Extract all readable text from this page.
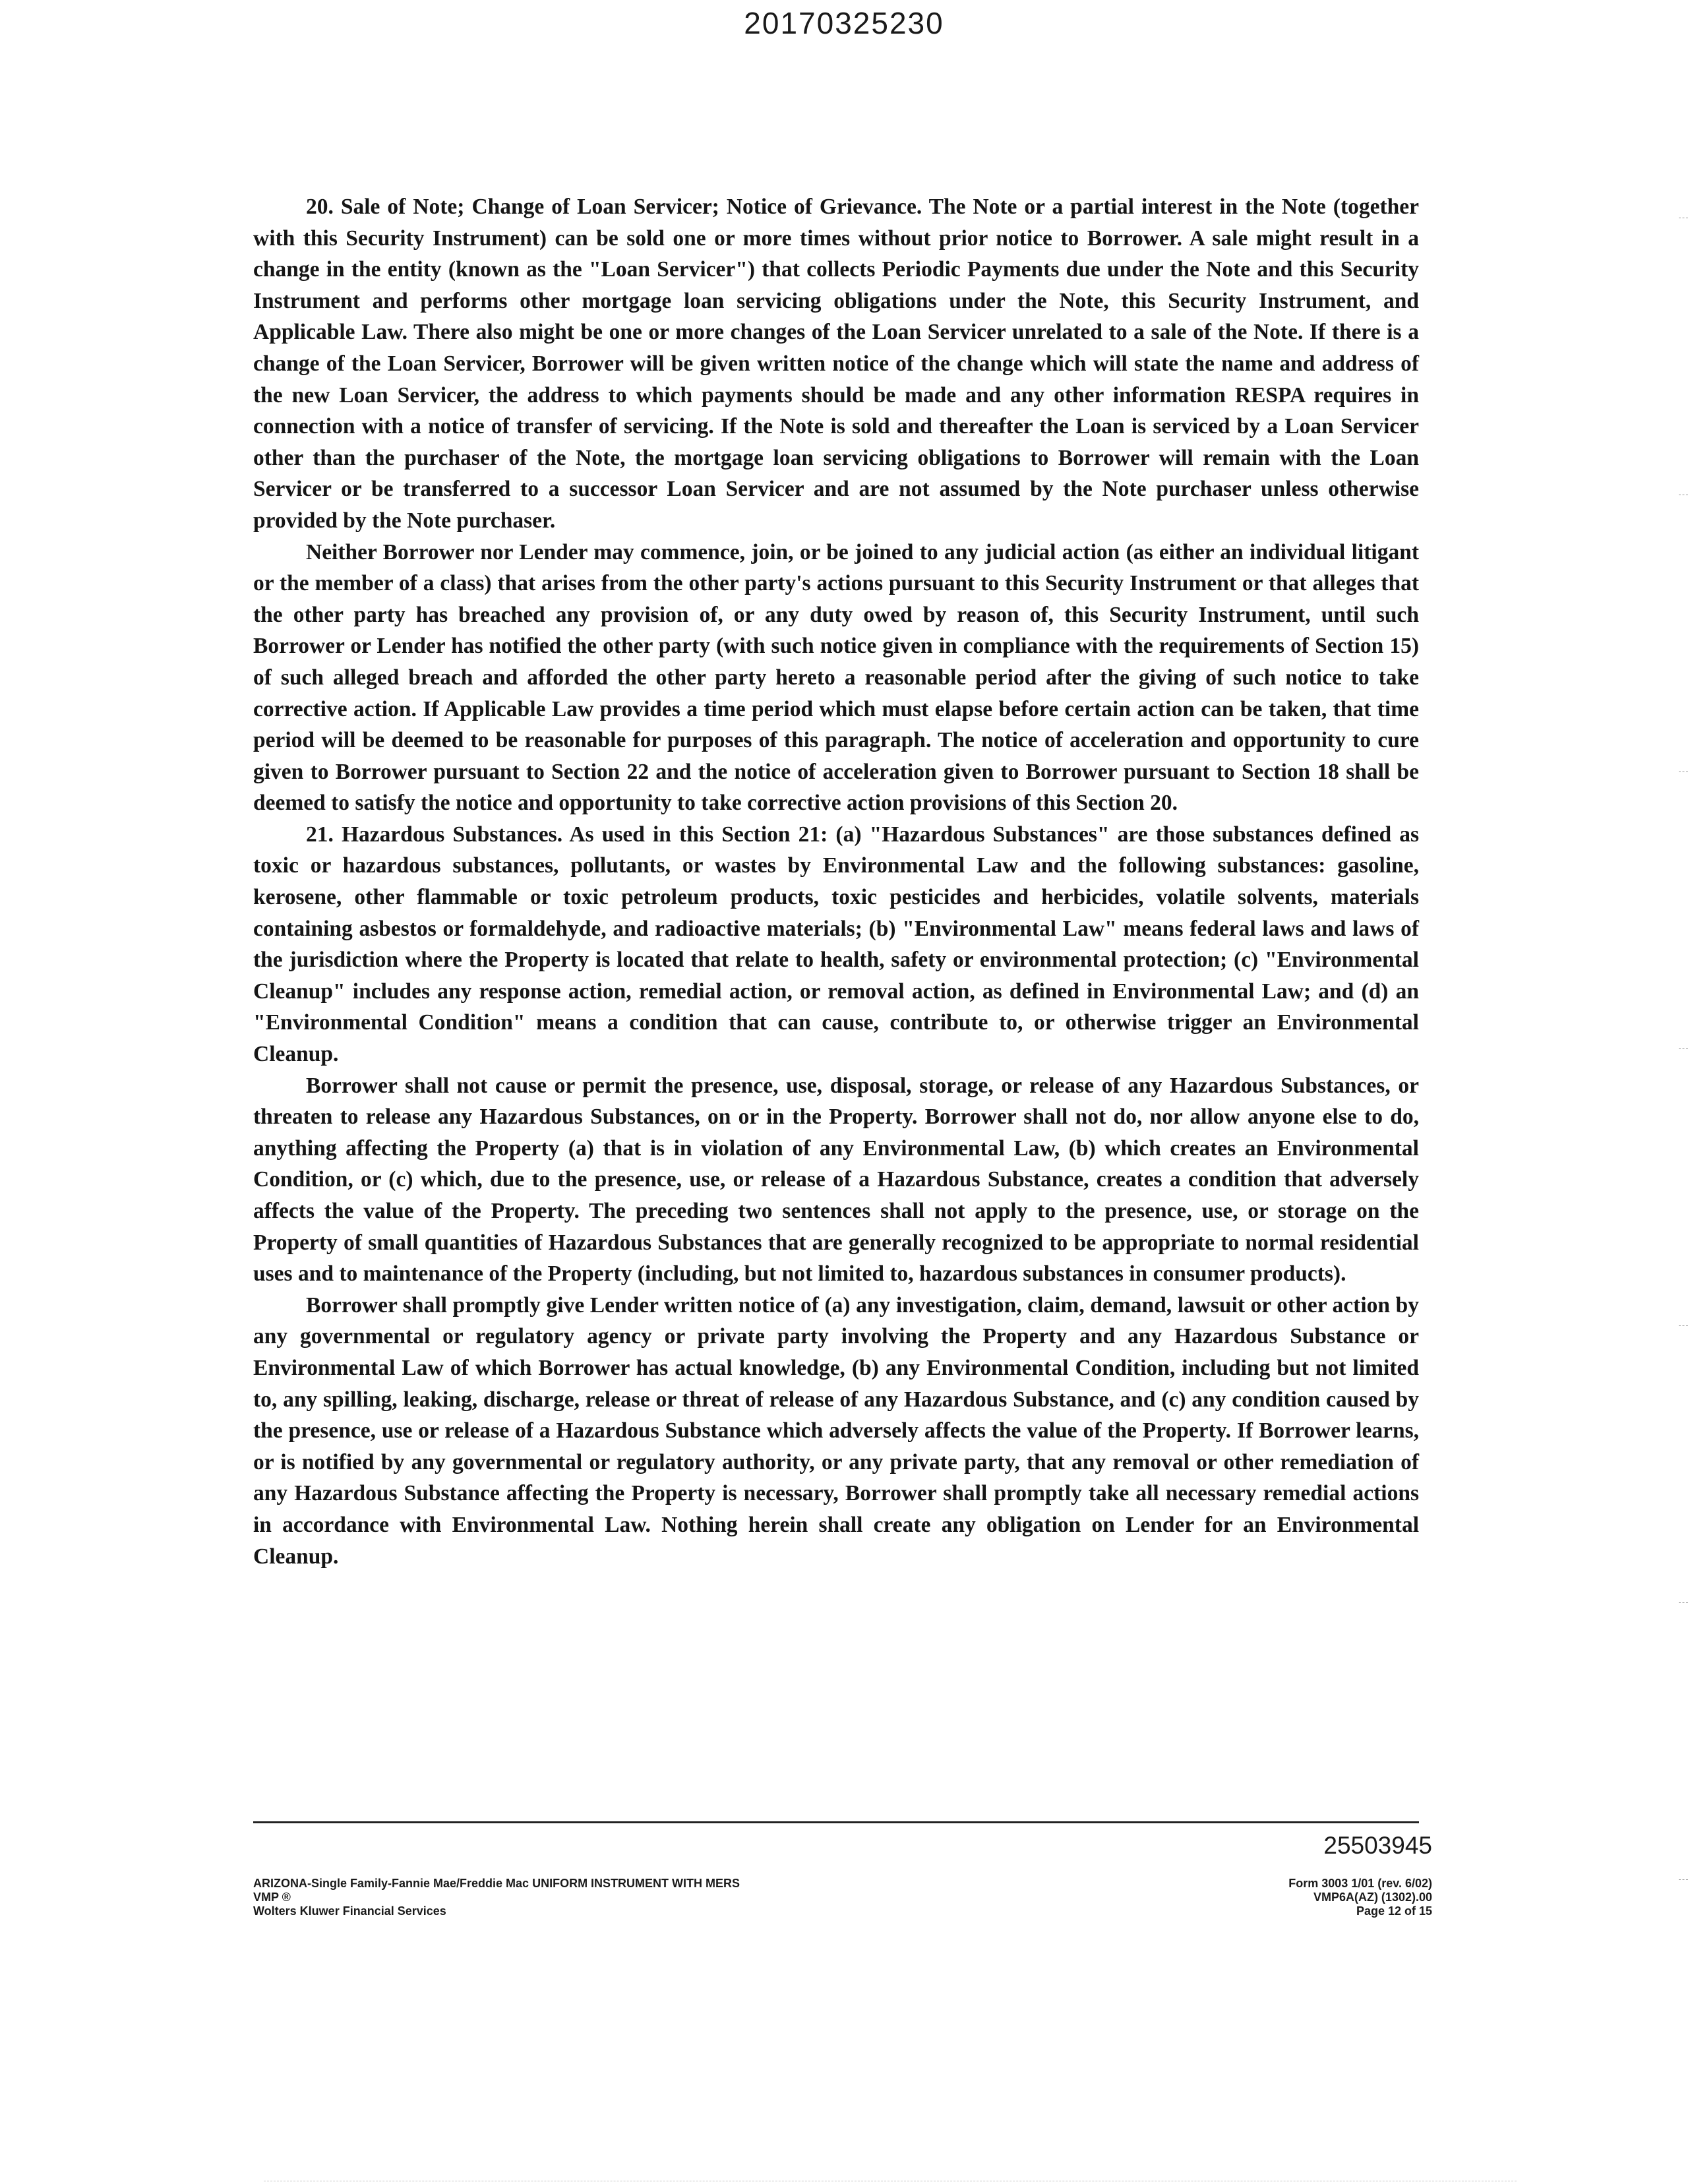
20170325230

20. Sale of Note; Change of Loan Servicer; Notice of Grievance. The Note or a partial interest in the Note (together with this Security Instrument) can be sold one or more times without prior notice to Borrower. A sale might result in a change in the entity (known as the "Loan Servicer") that collects Periodic Payments due under the Note and this Security Instrument and performs other mortgage loan servicing obligations under the Note, this Security Instrument, and Applicable Law. There also might be one or more changes of the Loan Servicer unrelated to a sale of the Note. If there is a change of the Loan Servicer, Borrower will be given written notice of the change which will state the name and address of the new Loan Servicer, the address to which payments should be made and any other information RESPA requires in connection with a notice of transfer of servicing. If the Note is sold and thereafter the Loan is serviced by a Loan Servicer other than the purchaser of the Note, the mortgage loan servicing obligations to Borrower will remain with the Loan Servicer or be transferred to a successor Loan Servicer and are not assumed by the Note purchaser unless otherwise provided by the Note purchaser.

Neither Borrower nor Lender may commence, join, or be joined to any judicial action (as either an individual litigant or the member of a class) that arises from the other party's actions pursuant to this Security Instrument or that alleges that the other party has breached any provision of, or any duty owed by reason of, this Security Instrument, until such Borrower or Lender has notified the other party (with such notice given in compliance with the requirements of Section 15) of such alleged breach and afforded the other party hereto a reasonable period after the giving of such notice to take corrective action. If Applicable Law provides a time period which must elapse before certain action can be taken, that time period will be deemed to be reasonable for purposes of this paragraph. The notice of acceleration and opportunity to cure given to Borrower pursuant to Section 22 and the notice of acceleration given to Borrower pursuant to Section 18 shall be deemed to satisfy the notice and opportunity to take corrective action provisions of this Section 20.

21. Hazardous Substances. As used in this Section 21: (a) "Hazardous Substances" are those substances defined as toxic or hazardous substances, pollutants, or wastes by Environmental Law and the following substances: gasoline, kerosene, other flammable or toxic petroleum products, toxic pesticides and herbicides, volatile solvents, materials containing asbestos or formaldehyde, and radioactive materials; (b) "Environmental Law" means federal laws and laws of the jurisdiction where the Property is located that relate to health, safety or environmental protection; (c) "Environmental Cleanup" includes any response action, remedial action, or removal action, as defined in Environmental Law; and (d) an "Environmental Condition" means a condition that can cause, contribute to, or otherwise trigger an Environmental Cleanup.

Borrower shall not cause or permit the presence, use, disposal, storage, or release of any Hazardous Substances, or threaten to release any Hazardous Substances, on or in the Property. Borrower shall not do, nor allow anyone else to do, anything affecting the Property (a) that is in violation of any Environmental Law, (b) which creates an Environmental Condition, or (c) which, due to the presence, use, or release of a Hazardous Substance, creates a condition that adversely affects the value of the Property. The preceding two sentences shall not apply to the presence, use, or storage on the Property of small quantities of Hazardous Substances that are generally recognized to be appropriate to normal residential uses and to maintenance of the Property (including, but not limited to, hazardous substances in consumer products).

Borrower shall promptly give Lender written notice of (a) any investigation, claim, demand, lawsuit or other action by any governmental or regulatory agency or private party involving the Property and any Hazardous Substance or Environmental Law of which Borrower has actual knowledge, (b) any Environmental Condition, including but not limited to, any spilling, leaking, discharge, release or threat of release of any Hazardous Substance, and (c) any condition caused by the presence, use or release of a Hazardous Substance which adversely affects the value of the Property. If Borrower learns, or is notified by any governmental or regulatory authority, or any private party, that any removal or other remediation of any Hazardous Substance affecting the Property is necessary, Borrower shall promptly take all necessary remedial actions in accordance with Environmental Law. Nothing herein shall create any obligation on Lender for an Environmental Cleanup.

25503945
ARIZONA-Single Family-Fannie Mae/Freddie Mac UNIFORM INSTRUMENT WITH MERS
VMP ®
Wolters Kluwer Financial Services
Form 3003 1/01 (rev. 6/02)
VMP6A(AZ) (1302).00
Page 12 of 15
